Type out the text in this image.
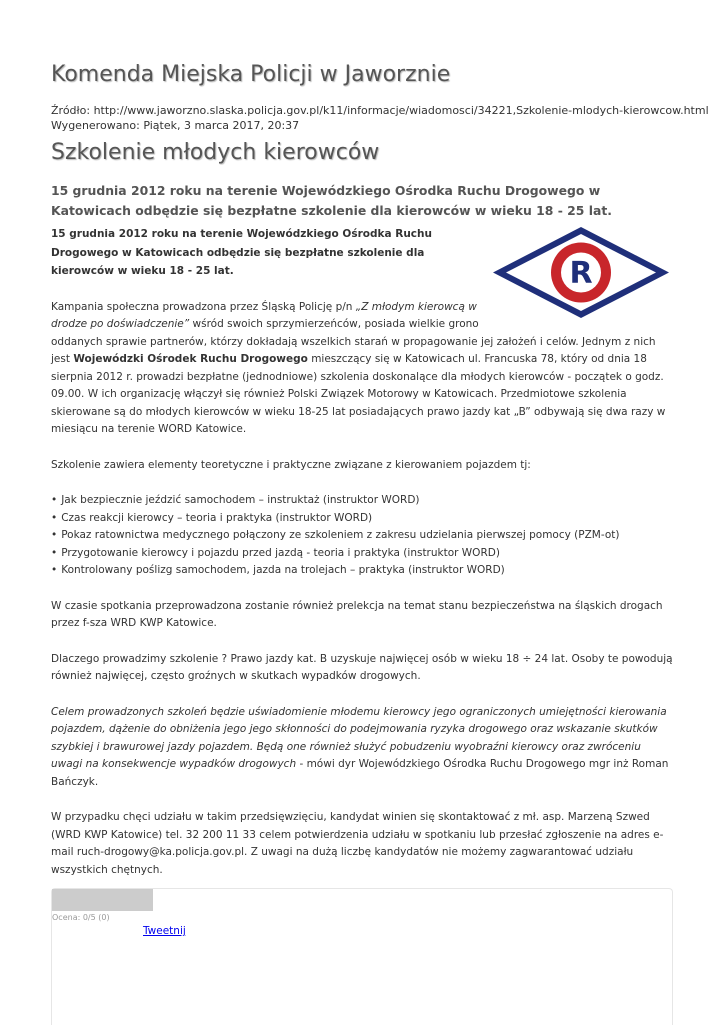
Komenda Miejska Policji w Jaworznie
Źródło: http://www.jaworzno.slaska.policja.gov.pl/k11/informacje/wiadomosci/34221,Szkolenie-mlodych-kierowcow.html
Wygenerowano: Piątek, 3 marca 2017, 20:37
Szkolenie młodych kierowców
15 grudnia 2012 roku na terenie Wojewódzkiego Ośrodka Ruchu Drogowego w Katowicach odbędzie się bezpłatne szkolenie dla kierowców w wieku 18 - 25 lat.
R
15 grudnia 2012 roku na terenie Wojewódzkiego Ośrodka Ruchu Drogowego w Katowicach odbędzie się bezpłatne szkolenie dla kierowców w wieku 18 - 25 lat.

Kampania społeczna prowadzona przez Śląską Policję p/n „Z młodym kierowcą w drodze po doświadczenie” wśród swoich sprzymierzeńców, posiada wielkie grono oddanych sprawie partnerów, którzy dokładają wszelkich starań w propagowanie jej założeń i celów. Jednym z nich jest Wojewódzki Ośrodek Ruchu Drogowego mieszczący się w Katowicach ul. Francuska 78, który od dnia 18 sierpnia 2012 r. prowadzi bezpłatne (jednodniowe) szkolenia doskonalące dla młodych kierowców - początek o godz. 09.00. W ich organizację włączył się również Polski Związek Motorowy w Katowicach. Przedmiotowe szkolenia skierowane są do młodych kierowców w wieku 18-25 lat posiadających prawo jazdy kat „B” odbywają się dwa razy w miesiącu na terenie WORD Katowice.

Szkolenie zawiera elementy teoretyczne i praktyczne związane z kierowaniem pojazdem tj:

• Jak bezpiecznie jeździć samochodem – instruktaż (instruktor WORD)
• Czas reakcji kierowcy – teoria i praktyka (instruktor WORD)
• Pokaz ratownictwa medycznego połączony ze szkoleniem z zakresu udzielania pierwszej pomocy (PZM-ot)
• Przygotowanie kierowcy i pojazdu przed jazdą - teoria i praktyka (instruktor WORD)
• Kontrolowany poślizg samochodem, jazda na trolejach – praktyka (instruktor WORD)

W czasie spotkania przeprowadzona zostanie również prelekcja na temat stanu bezpieczeństwa na śląskich drogach przez f-sza WRD KWP Katowice.

Dlaczego prowadzimy szkolenie ? Prawo jazdy kat. B uzyskuje najwięcej osób w wieku 18 ÷ 24 lat. Osoby te powodują również najwięcej, często groźnych w skutkach wypadków drogowych.

Celem prowadzonych szkoleń będzie uświadomienie młodemu kierowcy jego ograniczonych umiejętności kierowania pojazdem, dążenie do obniżenia jego jego skłonności do podejmowania ryzyka drogowego oraz wskazanie skutków szybkiej i brawurowej jazdy pojazdem. Będą one również służyć pobudzeniu wyobraźni kierowcy oraz zwróceniu uwagi na konsekwencje wypadków drogowych - mówi dyr Wojewódzkiego Ośrodka Ruchu Drogowego mgr inż Roman Bańczyk.

W przypadku chęci udziału w takim przedsięwzięciu, kandydat winien się skontaktować z mł. asp. Marzeną Szwed (WRD KWP Katowice) tel. 32 200 11 33 celem potwierdzenia udziału w spotkaniu lub przesłać zgłoszenie na adres e-mail ruch-drogowy@ka.policja.gov.pl. Z uwagi na dużą liczbę kandydatów nie możemy zagwarantować udziału wszystkich chętnych.

Ocena: 0/5 (0)
Tweetnij
